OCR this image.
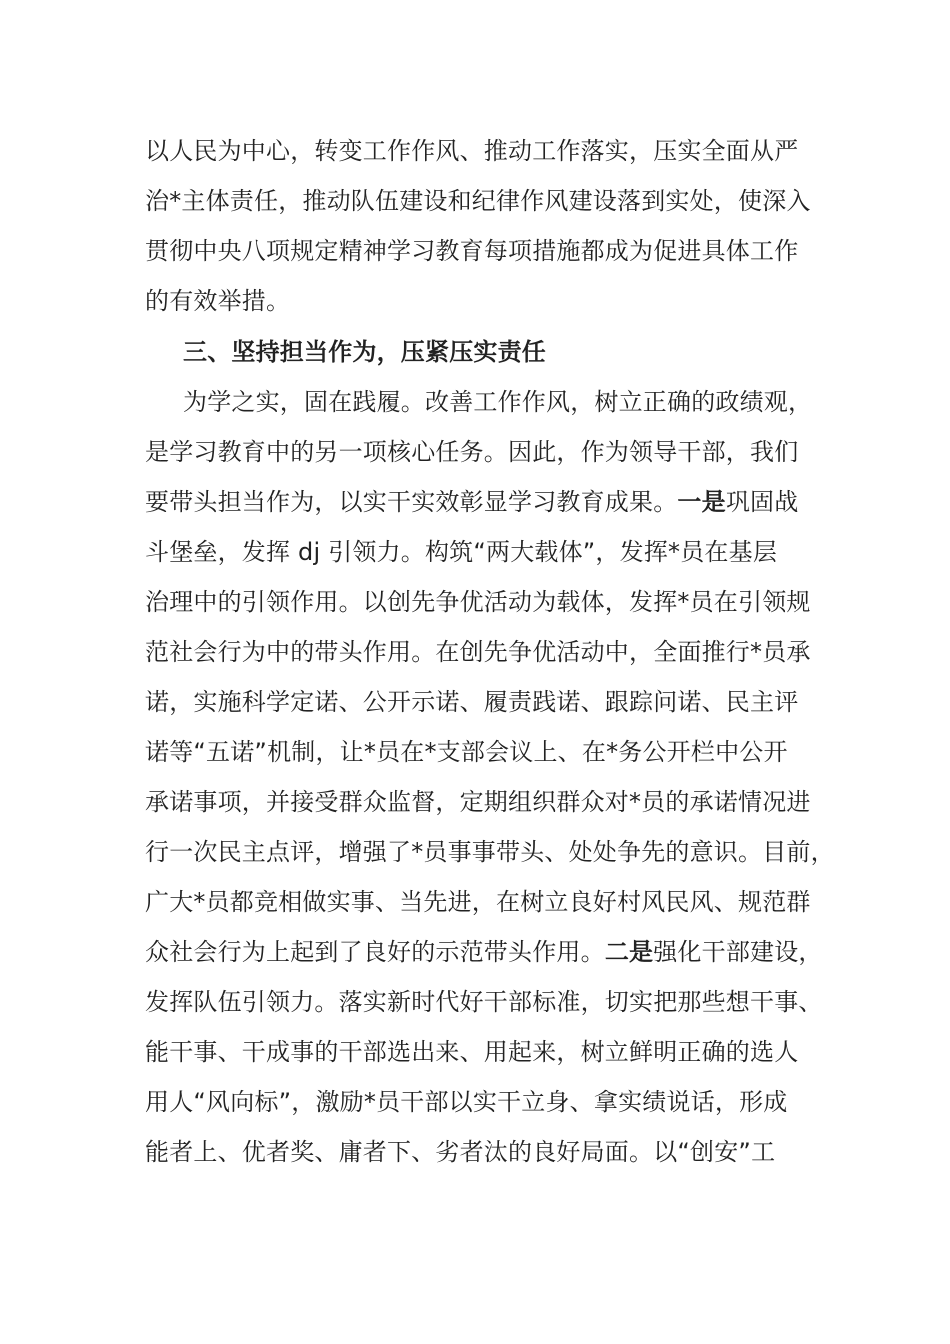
以人民为中心，转变工作作风、推动工作落实，压实全面从严
治*主体责任，推动队伍建设和纪律作风建设落到实处，使深入
贯彻中央八项规定精神学习教育每项措施都成为促进具体工作
的有效举措。
三、坚持担当作为，压紧压实责任
为学之实，固在践履。改善工作作风，树立正确的政绩观，
是学习教育中的另一项核心任务。因此，作为领导干部，我们
要带头担当作为，以实干实效彰显学习教育成果。一是巩固战
斗堡垒，发挥 dj 引领力。构筑“两大载体”，发挥*员在基层
治理中的引领作用。以创先争优活动为载体，发挥*员在引领规
范社会行为中的带头作用。在创先争优活动中，全面推行*员承
诺，实施科学定诺、公开示诺、履责践诺、跟踪问诺、民主评
诺等“五诺”机制，让*员在*支部会议上、在*务公开栏中公开
承诺事项，并接受群众监督，定期组织群众对*员的承诺情况进
行一次民主点评，增强了*员事事带头、处处争先的意识。目前，
广大*员都竞相做实事、当先进，在树立良好村风民风、规范群
众社会行为上起到了良好的示范带头作用。二是强化干部建设，
发挥队伍引领力。落实新时代好干部标准，切实把那些想干事、
能干事、干成事的干部选出来、用起来，树立鲜明正确的选人
用人“风向标”，激励*员干部以实干立身、拿实绩说话，形成
能者上、优者奖、庸者下、劣者汰的良好局面。以“创安”工
